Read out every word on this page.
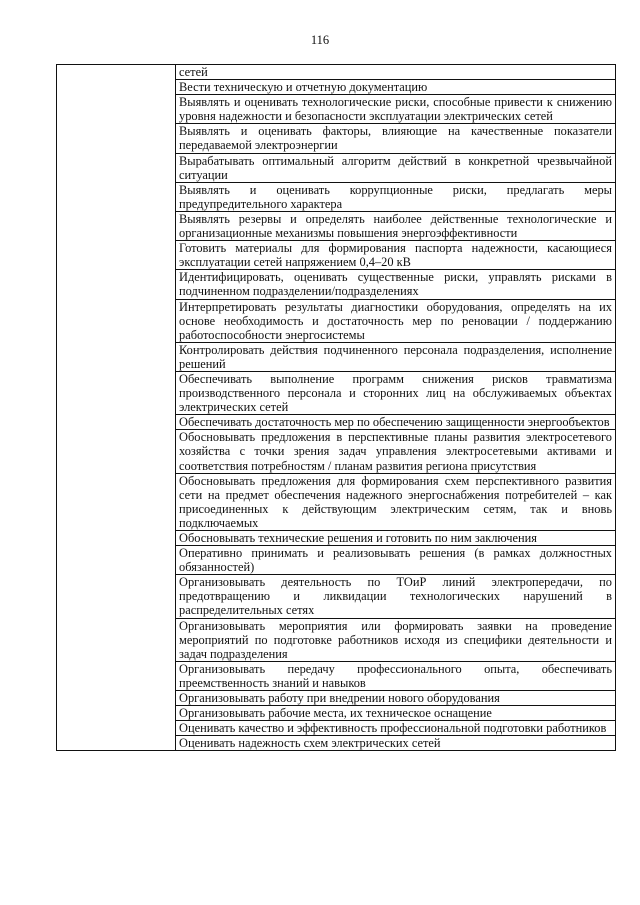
116
	сетей
Вести техническую и отчетную документацию
Выявлять и оценивать технологические риски, способные привести к снижению уровня надежности и безопасности эксплуатации электрических сетей
Выявлять и оценивать факторы, влияющие на качественные показатели передаваемой электроэнергии
Вырабатывать оптимальный алгоритм действий в конкретной чрезвычайной ситуации
Выявлять и оценивать коррупционные риски, предлагать меры предупредительного характера
Выявлять резервы и определять наиболее действенные технологические и организационные механизмы повышения энергоэффективности
Готовить материалы для формирования паспорта надежности, касающиеся эксплуатации сетей напряжением 0,4–20 кВ
Идентифицировать, оценивать существенные риски, управлять рисками в подчиненном подразделении/подразделениях
Интерпретировать результаты диагностики оборудования, определять на их основе необходимость и достаточность мер по реновации / поддержанию работоспособности энергосистемы
Контролировать действия подчиненного персонала подразделения, исполнение решений
Обеспечивать выполнение программ снижения рисков травматизма производственного персонала и сторонних лиц на обслуживаемых объектах электрических сетей
Обеспечивать достаточность мер по обеспечению защищенности энергообъектов
Обосновывать предложения в перспективные планы развития электросетевого хозяйства с точки зрения задач управления электросетевыми активами и соответствия потребностям / планам развития региона присутствия
Обосновывать предложения для формирования схем перспективного развития сети на предмет обеспечения надежного энергоснабжения потребителей – как присоединенных к действующим электрическим сетям, так и вновь подключаемых
Обосновывать технические решения и готовить по ним заключения
Оперативно принимать и реализовывать решения (в рамках должностных обязанностей)
Организовывать деятельность по ТОиР линий электропередачи, по предотвращению и ликвидации технологических нарушений в распределительных сетях
Организовывать мероприятия или формировать заявки на проведение мероприятий по подготовке работников исходя из специфики деятельности и задач подразделения
Организовывать передачу профессионального опыта, обеспечивать преемственность знаний и навыков
Организовывать работу при внедрении нового оборудования
Организовывать рабочие места, их техническое оснащение
Оценивать качество и эффективность профессиональной подготовки работников
Оценивать надежность схем электрических сетей
